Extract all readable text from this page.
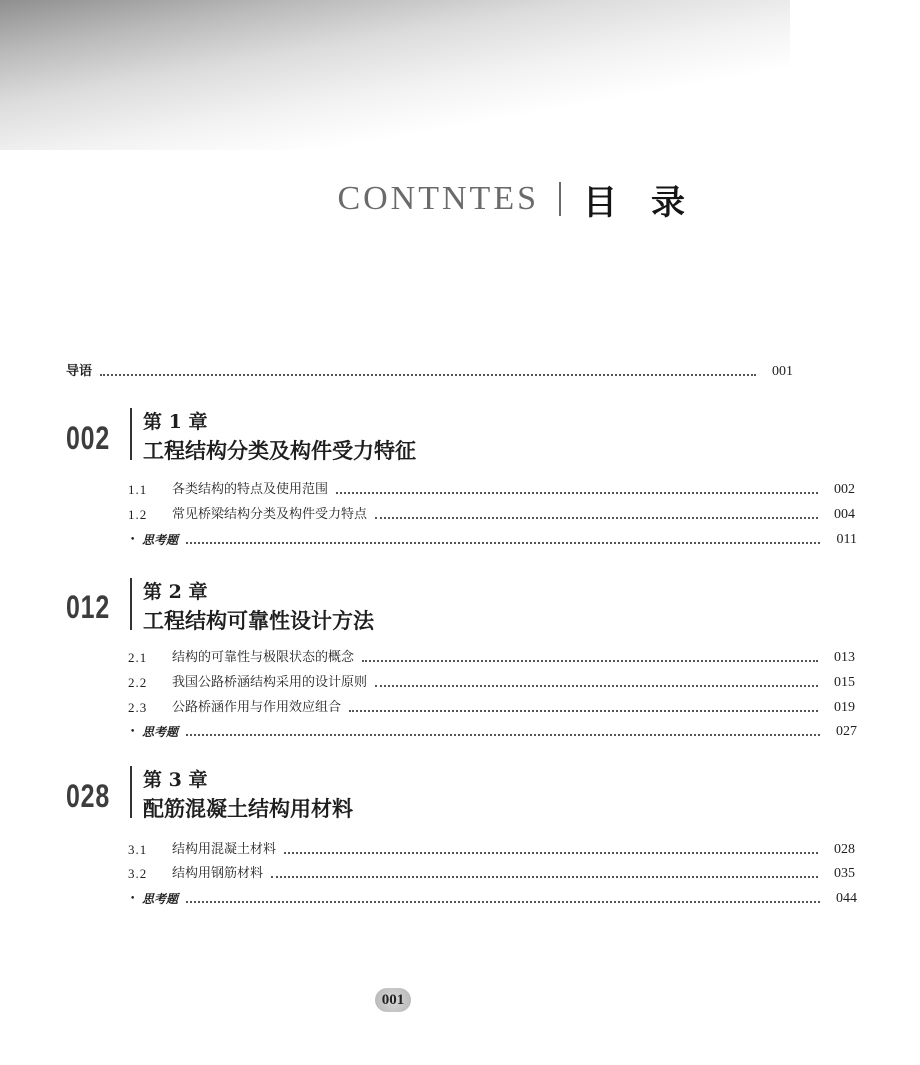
CONTNTES 目录
导语	001
002 第 1 章
工程结构分类及构件受力特征
1.1	各类结构的特点及使用范围	002
1.2	常见桥梁结构分类及构件受力特点	004
• 思考题	011
012 第 2 章
工程结构可靠性设计方法
2.1	结构的可靠性与极限状态的概念	013
2.2	我国公路桥涵结构采用的设计原则	015
2.3	公路桥涵作用与作用效应组合	019
• 思考题	027
028 第 3 章
配筋混凝土结构用材料
3.1	结构用混凝土材料	028
3.2	结构用钢筋材料	035
• 思考题	044
001
